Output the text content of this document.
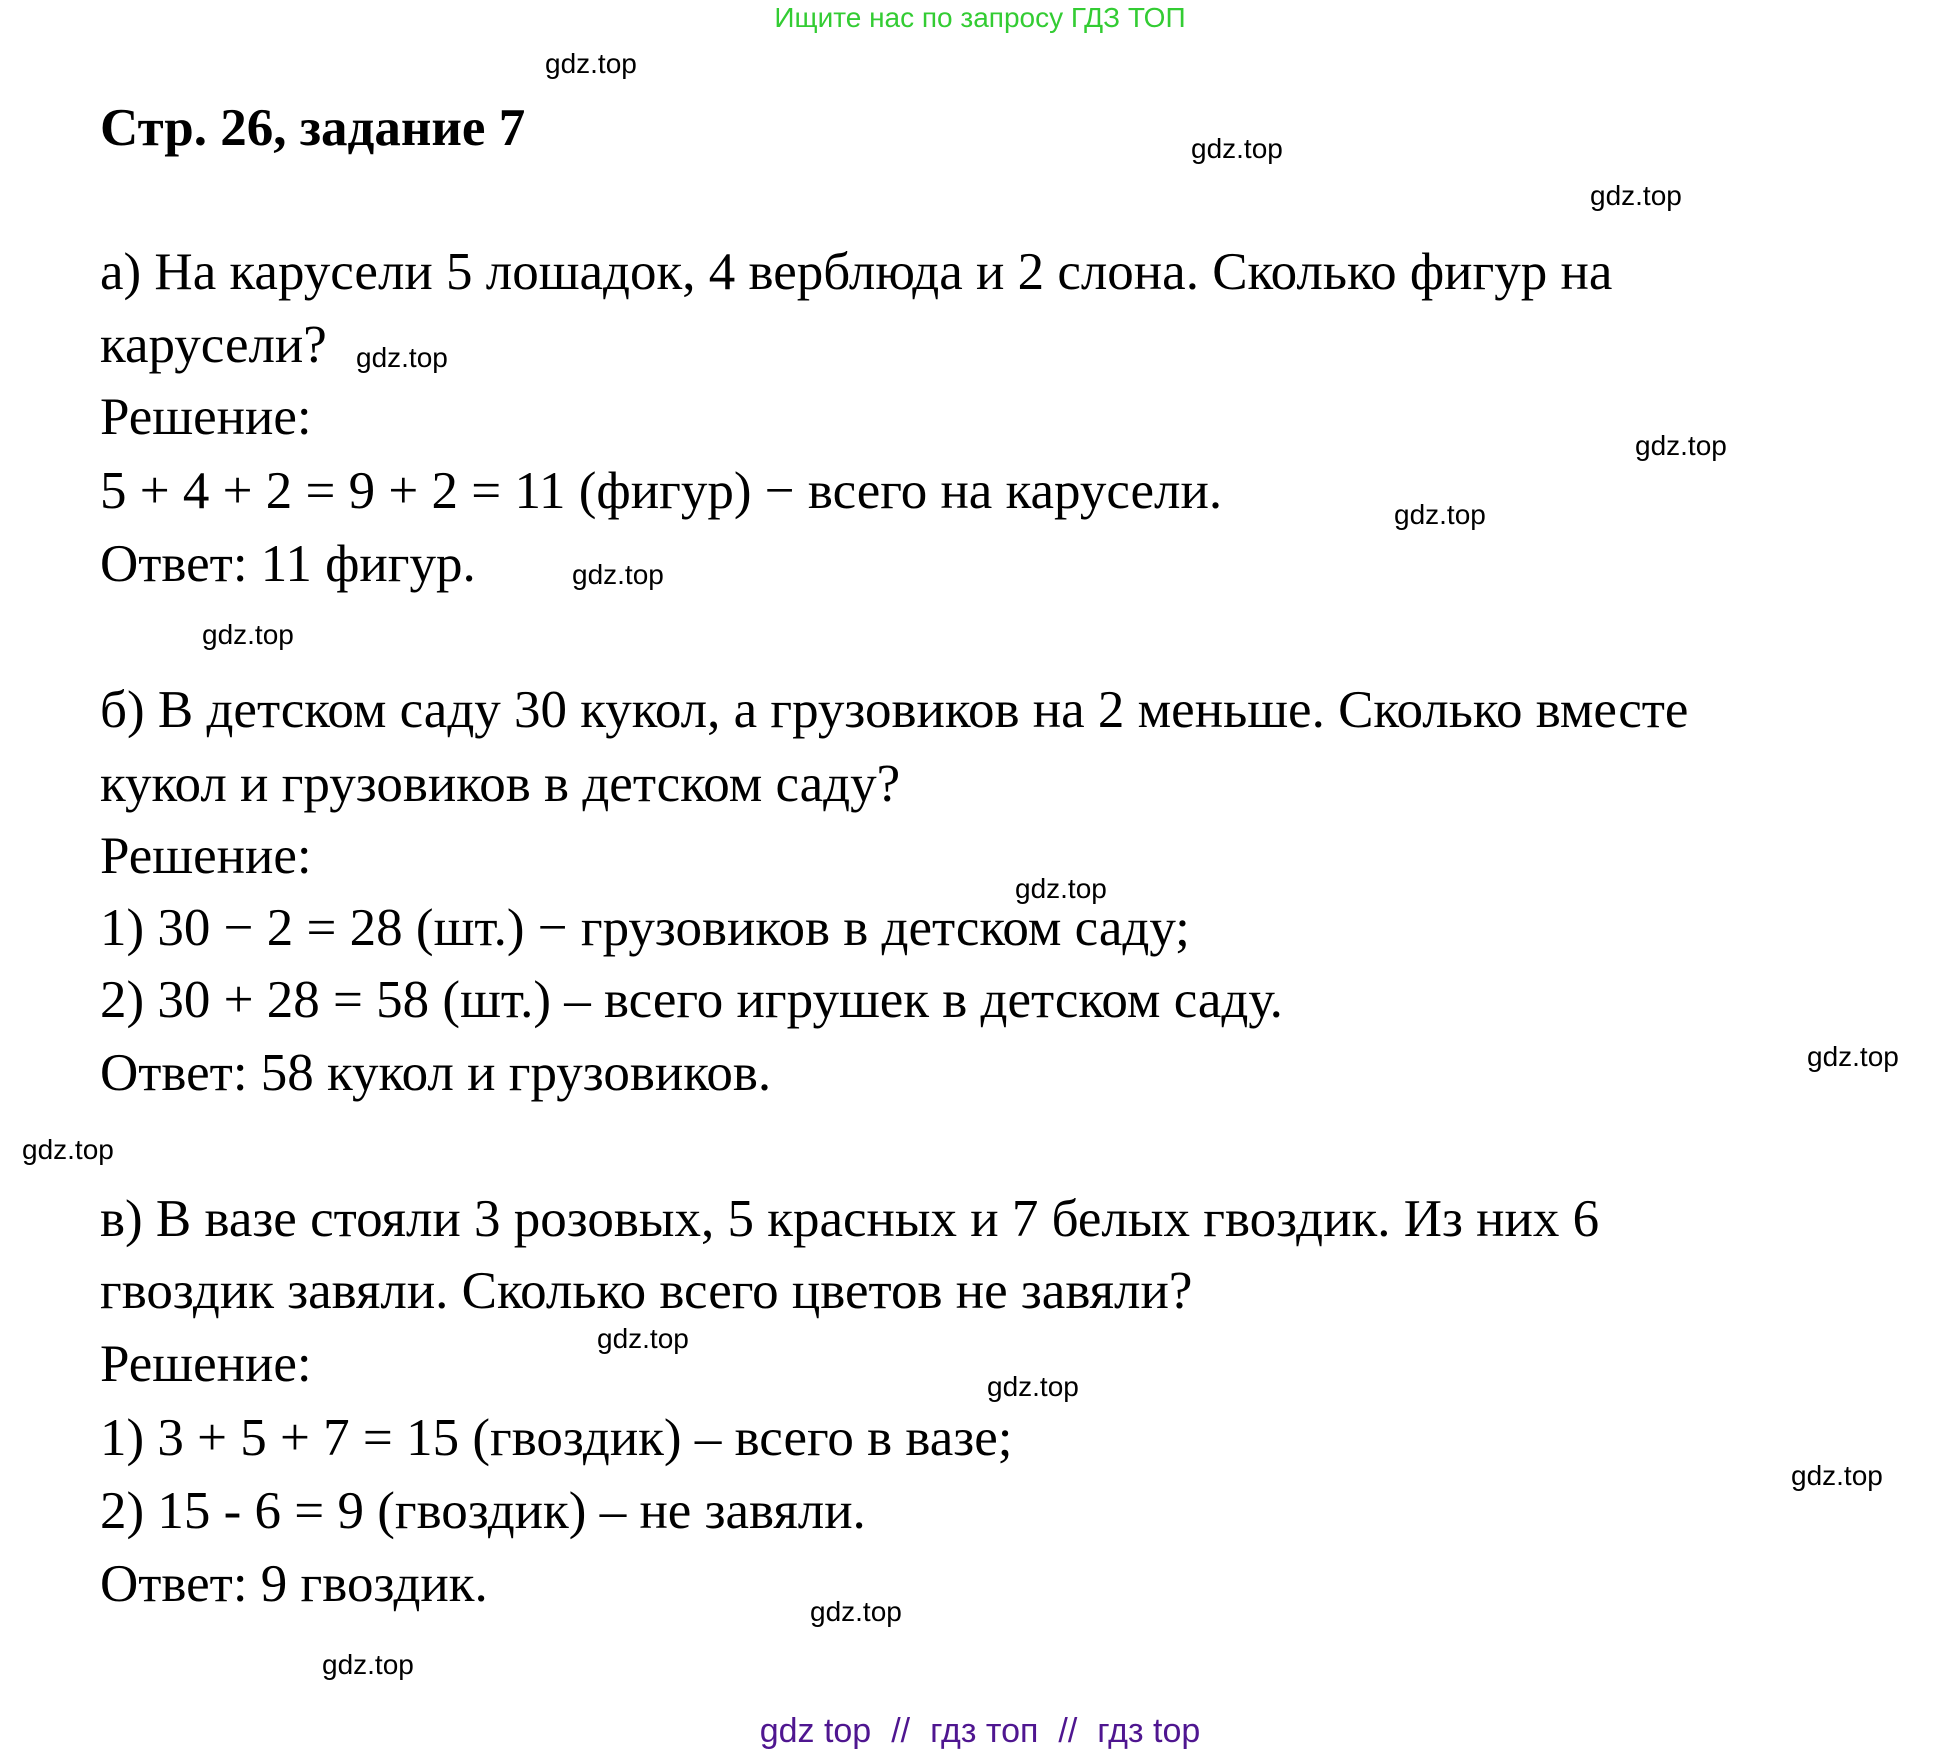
Ищите нас по запросу ГДЗ ТОП
Стр. 26, задание 7
а) На карусели 5 лошадок, 4 верблюда и 2 слона. Сколько фигур на
карусели?
Решение:
5 + 4 + 2 = 9 + 2 = 11 (фигур) − всего на карусели.
Ответ: 11 фигур.
б) В детском саду 30 кукол, а грузовиков на 2 меньше. Сколько вместе
кукол и грузовиков в детском саду?
Решение:
1) 30 − 2 = 28 (шт.) − грузовиков в детском саду;
2) 30 + 28 = 58 (шт.) – всего игрушек в детском саду.
Ответ: 58 кукол и грузовиков.
в) В вазе стояли 3 розовых, 5 красных и 7 белых гвоздик. Из них 6
гвоздик завяли. Сколько всего цветов не завяли?
Решение:
1) 3 + 5 + 7 = 15 (гвоздик) – всего в вазе;
2) 15 - 6 = 9 (гвоздик) – не завяли.
Ответ: 9 гвоздик.
gdz.top
gdz.top
gdz.top
gdz.top
gdz.top
gdz.top
gdz.top
gdz.top
gdz.top
gdz.top
gdz.top
gdz.top
gdz.top
gdz.top
gdz.top
gdz.top
gdz top // гдз топ // гдз top
